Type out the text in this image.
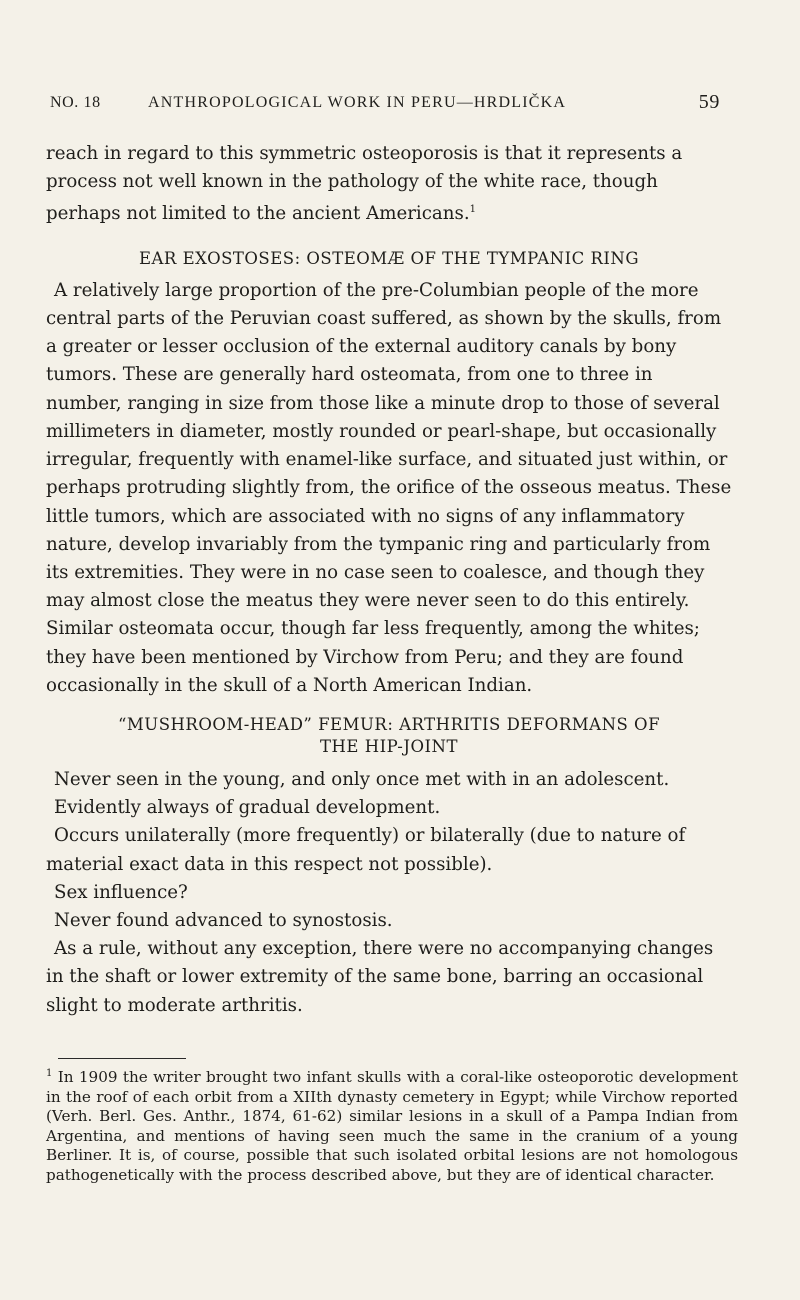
NO. 18	ANTHROPOLOGICAL WORK IN PERU—HRDLIČKA	59

reach in regard to this symmetric osteoporosis is that it represents a process not well known in the pathology of the white race, though perhaps not limited to the ancient Americans.$^1$

EAR EXOSTOSES: OSTEOMÆ OF THE TYMPANIC RING

A relatively large proportion of the pre-Columbian people of the more central parts of the Peruvian coast suffered, as shown by the skulls, from a greater or lesser occlusion of the external auditory canals by bony tumors. These are generally hard osteomata, from one to three in number, ranging in size from those like a minute drop to those of several millimeters in diameter, mostly rounded or pearl-shape, but occasionally irregular, frequently with enamel-like surface, and situated just within, or perhaps protruding slightly from, the orifice of the osseous meatus. These little tumors, which are associated with no signs of any inflammatory nature, develop invariably from the tympanic ring and particularly from its extremities. They were in no case seen to coalesce, and though they may almost close the meatus they were never seen to do this entirely. Similar osteomata occur, though far less frequently, among the whites; they have been mentioned by Virchow from Peru; and they are found occasionally in the skull of a North American Indian.

“MUSHROOM-HEAD” FEMUR: ARTHRITIS DEFORMANS OF
THE HIP-JOINT

Never seen in the young, and only once met with in an adolescent.

Evidently always of gradual development.

Occurs unilaterally (more frequently) or bilaterally (due to nature of material exact data in this respect not possible).

Sex influence?

Never found advanced to synostosis.

As a rule, without any exception, there were no accompanying changes in the shaft or lower extremity of the same bone, barring an occasional slight to moderate arthritis.

$^1$ In 1909 the writer brought two infant skulls with a coral-like osteoporotic development in the roof of each orbit from a XIIth dynasty cemetery in Egypt; while Virchow reported (Verh. Berl. Ges. Anthr., 1874, 61-62) similar lesions in a skull of a Pampa Indian from Argentina, and mentions of having seen much the same in the cranium of a young Berliner. It is, of course, possible that such isolated orbital lesions are not homologous pathogenetically with the process described above, but they are of identical character.
